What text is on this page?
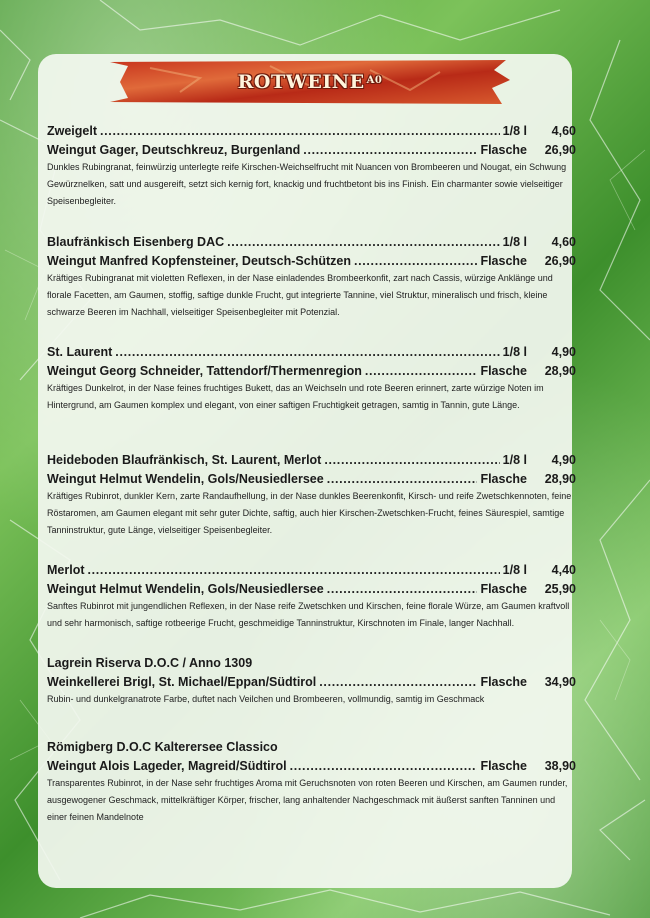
$ROTWEINE^{A0}$
Zweigelt . . .	1/8 l	4,60
Weingut Gager, Deutschkreuz, Burgenland . . .	Flasche	26,90
Dunkles Rubingranat, feinwürzig unterlegte reife Kirschen-Weichselfrucht mit Nuancen von Brombeeren und Nougat, ein Schwung Gewürznelken, satt und ausgereift, setzt sich kernig fort, knackig und fruchtbetont bis ins Finish. Ein charmanter sowie vielseitiger Speisenbegleiter.
Blaufränkisch Eisenberg DAC . . .	1/8 l	4,60
Weingut Manfred Kopfensteiner, Deutsch-Schützen . . .	Flasche	26,90
Kräftiges Rubingranat mit violetten Reflexen, in der Nase einladendes Brombeerkonfit, zart nach Cassis, würzige Anklänge und florale Facetten, am Gaumen, stoffig, saftige dunkle Frucht, gut integrierte Tannine, viel Struktur, mineralisch und frisch, kleine schwarze Beeren im Nachhall, vielseitiger Speisenbegleiter mit Potenzial.
St. Laurent . . .	1/8 l	4,90
Weingut Georg Schneider, Tattendorf/Thermenregion . . .	Flasche	28,90
Kräftiges Dunkelrot, in der Nase feines fruchtiges Bukett, das an Weichseln und rote Beeren erinnert, zarte würzige Noten im Hintergrund, am Gaumen komplex und elegant, von einer saftigen Fruchtigkeit getragen, samtig in Tannin, gute Länge.
Heideboden Blaufränkisch, St. Laurent, Merlot . . .	1/8 l	4,90
Weingut Helmut Wendelin, Gols/Neusiedlersee . . .	Flasche	28,90
Kräftiges Rubinrot, dunkler Kern, zarte Randaufhellung, in der Nase dunkles Beerenkonfit, Kirsch- und reife Zwetschkennoten, feine Röstaromen, am Gaumen elegant mit sehr guter Dichte, saftig, auch hier Kirschen-Zwetschken-Frucht, feines Säurespiel, samtige Tanninstruktur, gute Länge, vielseitiger Speisenbegleiter.
Merlot . . .	1/8 l	4,40
Weingut Helmut Wendelin, Gols/Neusiedlersee . . .	Flasche	25,90
Sanftes Rubinrot mit jungendlichen Reflexen, in der Nase reife Zwetschken und Kirschen, feine florale Würze, am Gaumen kraftvoll und sehr harmonisch, saftige rotbeerige Frucht, geschmeidige Tanninstruktur, Kirschnoten im Finale, langer Nachhall.
Lagrein Riserva D.O.C / Anno 1309
Weinkellerei Brigl, St. Michael/Eppan/Südtirol . . .	Flasche	34,90
Rubin- und dunkelgranatrote Farbe, duftet nach Veilchen und Brombeeren, vollmundig, samtig im Geschmack
Römigberg D.O.C Kalterersee Classico
Weingut Alois Lageder, Magreid/Südtirol . . .	Flasche	38,90
Transparentes Rubinrot, in der Nase sehr fruchtiges Aroma mit Geruchsnoten von roten Beeren und Kirschen, am Gaumen runder, ausgewogener Geschmack, mittelkräftiger Körper, frischer, lang anhaltender Nachgeschmack mit äußerst sanften Tanninen und einer feinen Mandelnote
